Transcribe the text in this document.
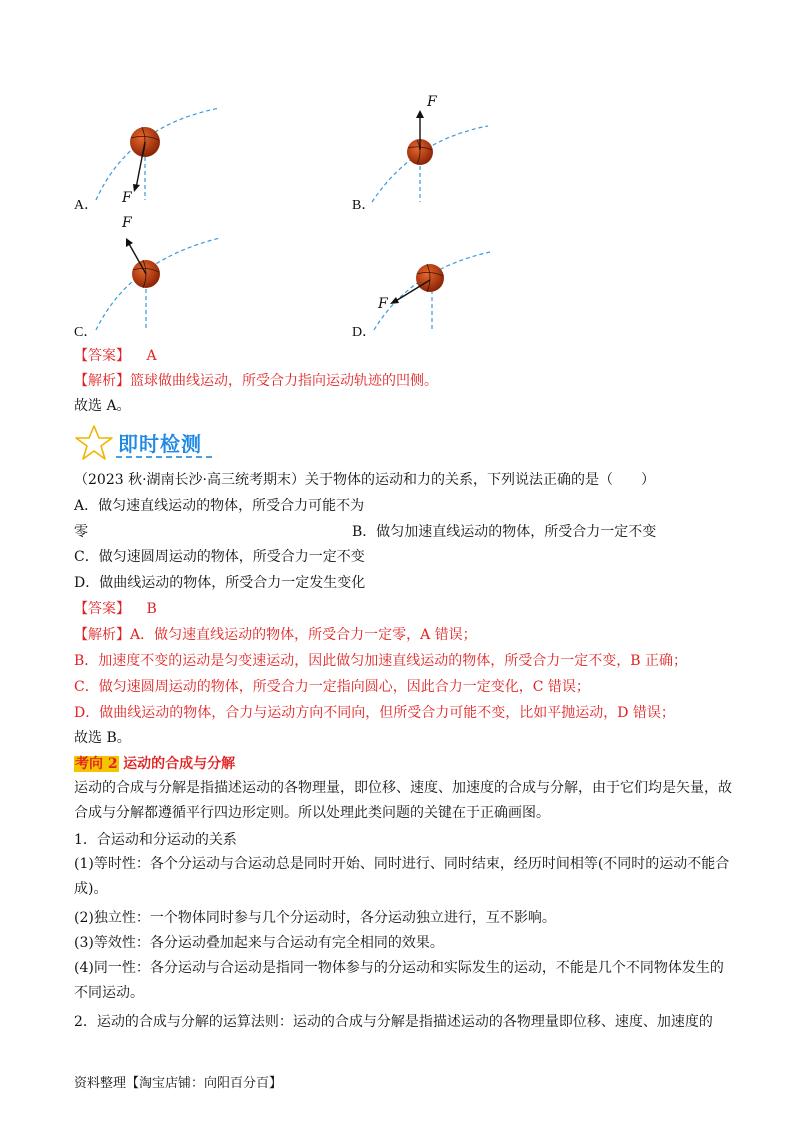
F
A．
F
B．
F
C．
F
D．
【答案】 A
【解析】篮球做曲线运动，所受合力指向运动轨迹的凹侧。
故选 A。
即时检测
（2023 秋·湖南长沙·高三统考期末）关于物体的运动和力的关系，下列说法正确的是（　　）
A．做匀速直线运动的物体，所受合力可能不为
零	B．做匀加速直线运动的物体，所受合力一定不变
C．做匀速圆周运动的物体，所受合力一定不变
D．做曲线运动的物体，所受合力一定发生变化
【答案】 B
【解析】A．做匀速直线运动的物体，所受合力一定零，A 错误；
B．加速度不变的运动是匀变速运动，因此做匀加速直线运动的物体，所受合力一定不变，B 正确；
C．做匀速圆周运动的物体，所受合力一定指向圆心，因此合力一定变化，C 错误；
D．做曲线运动的物体，合力与运动方向不同向，但所受合力可能不变，比如平抛运动，D 错误；
故选 B。
考向 2 运动的合成与分解
运动的合成与分解是指描述运动的各物理量，即位移、速度、加速度的合成与分解，由于它们均是矢量，故合成与分解都遵循平行四边形定则。所以处理此类问题的关键在于正确画图。
1．合运动和分运动的关系
(1)等时性：各个分运动与合运动总是同时开始、同时进行、同时结束，经历时间相等(不同时的运动不能合成)。
(2)独立性：一个物体同时参与几个分运动时，各分运动独立进行，互不影响。
(3)等效性：各分运动叠加起来与合运动有完全相同的效果。
(4)同一性：各分运动与合运动是指同一物体参与的分运动和实际发生的运动，不能是几个不同物体发生的不同运动。
2．运动的合成与分解的运算法则：运动的合成与分解是指描述运动的各物理量即位移、速度、加速度的
资料整理【淘宝店铺：向阳百分百】
